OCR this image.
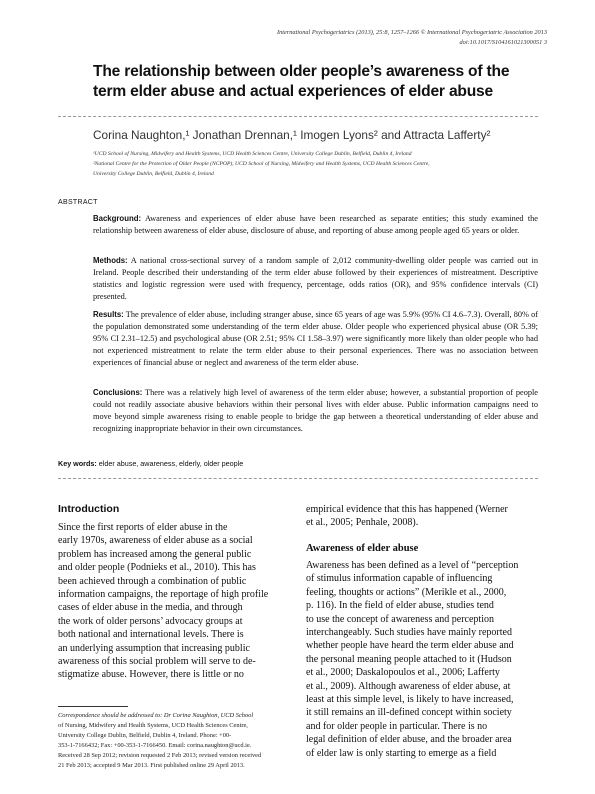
International Psychogeriatrics (2013), 25:8, 1257–1266 © International Psychogeriatric Association 2013
doi:10.1017/S104161021300051 3
The relationship between older people’s awareness of the
term elder abuse and actual experiences of elder abuse
Corina Naughton,¹ Jonathan Drennan,¹ Imogen Lyons² and Attracta Lafferty²
¹UCD School of Nursing, Midwifery and Health Systems, UCD Health Sciences Centre, University College Dublin, Belfield, Dublin 4, Ireland
²National Centre for the Protection of Older People (NCPOP), UCD School of Nursing, Midwifery and Health Systems, UCD Health Sciences Centre,
University College Dublin, Belfield, Dublin 4, Ireland
ABSTRACT
Background: Awareness and experiences of elder abuse have been researched as separate entities; this study examined the relationship between awareness of elder abuse, disclosure of abuse, and reporting of abuse among people aged 65 years or older.
Methods: A national cross-sectional survey of a random sample of 2,012 community-dwelling older people was carried out in Ireland. People described their understanding of the term elder abuse followed by their experiences of mistreatment. Descriptive statistics and logistic regression were used with frequency, percentage, odds ratios (OR), and 95% confidence intervals (CI) presented.
Results: The prevalence of elder abuse, including stranger abuse, since 65 years of age was 5.9% (95% CI 4.6–7.3). Overall, 80% of the population demonstrated some understanding of the term elder abuse. Older people who experienced physical abuse (OR 5.39; 95% CI 2.31–12.5) and psychological abuse (OR 2.51; 95% CI 1.58–3.97) were significantly more likely than older people who had not experienced mistreatment to relate the term elder abuse to their personal experiences. There was no association between experiences of financial abuse or neglect and awareness of the term elder abuse.
Conclusions: There was a relatively high level of awareness of the term elder abuse; however, a substantial proportion of people could not readily associate abusive behaviors within their personal lives with elder abuse. Public information campaigns need to move beyond simple awareness rising to enable people to bridge the gap between a theoretical understanding of elder abuse and recognizing inappropriate behavior in their own circumstances.
Key words: elder abuse, awareness, elderly, older people
Introduction
Since the first reports of elder abuse in the
early 1970s, awareness of elder abuse as a social
problem has increased among the general public
and older people (Podnieks et al., 2010). This has
been achieved through a combination of public
information campaigns, the reportage of high profile
cases of elder abuse in the media, and through
the work of older persons’ advocacy groups at
both national and international levels. There is
an underlying assumption that increasing public
awareness of this social problem will serve to de-
stigmatize abuse. However, there is little or no
Correspondence should be addressed to: Dr Corina Naughton, UCD School
of Nursing, Midwifery and Health Systems, UCD Health Sciences Centre,
University College Dublin, Belfield, Dublin 4, Ireland. Phone: +00-
353-1-7166432; Fax: +00-353-1-7166450. Email: corina.naughton@ucd.ie.
Received 28 Sep 2012; revision requested 2 Feb 2013; revised version received
21 Feb 2013; accepted 9 Mar 2013. First published online 29 April 2013.
empirical evidence that this has happened (Werner
et al., 2005; Penhale, 2008).
Awareness of elder abuse
Awareness has been defined as a level of “perception
of stimulus information capable of influencing
feeling, thoughts or actions” (Merikle et al., 2000,
p. 116). In the field of elder abuse, studies tend
to use the concept of awareness and perception
interchangeably. Such studies have mainly reported
whether people have heard the term elder abuse and
the personal meaning people attached to it (Hudson
et al., 2000; Daskalopoulos et al., 2006; Lafferty
et al., 2009). Although awareness of elder abuse, at
least at this simple level, is likely to have increased,
it still remains an ill-defined concept within society
and for older people in particular. There is no
legal definition of elder abuse, and the broader area
of elder law is only starting to emerge as a field
